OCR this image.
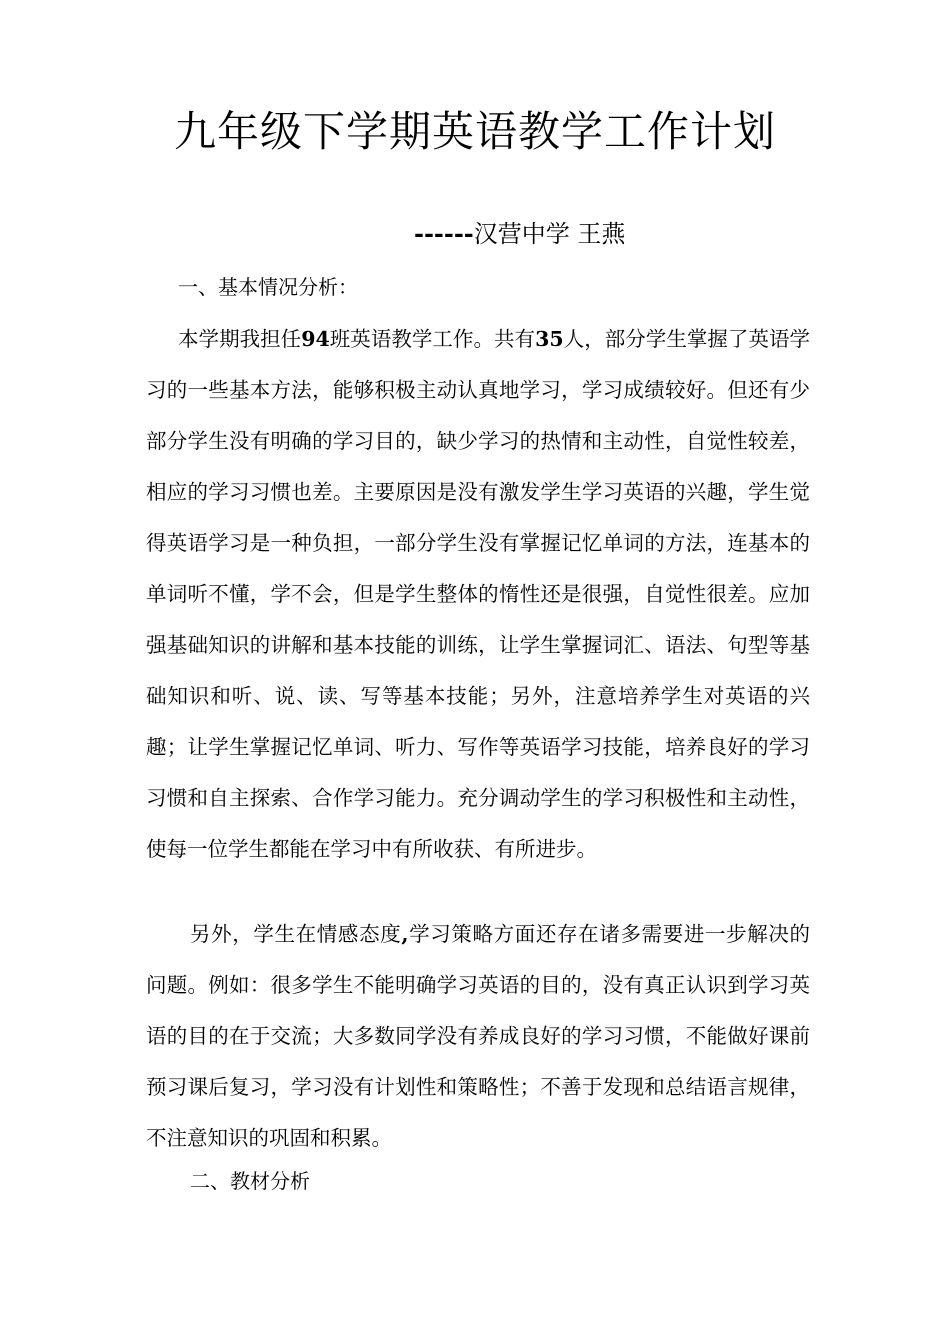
九年级下学期英语教学工作计划
------汉营中学 王燕
一、基本情况分析：
本学期我担任94班英语教学工作。共有35人，部分学生掌握了英语学习的一些基本方法，能够积极主动认真地学习，学习成绩较好。但还有少部分学生没有明确的学习目的，缺少学习的热情和主动性，自觉性较差，相应的学习习惯也差。主要原因是没有激发学生学习英语的兴趣，学生觉得英语学习是一种负担，一部分学生没有掌握记忆单词的方法，连基本的单词听不懂，学不会，但是学生整体的惰性还是很强，自觉性很差。应加强基础知识的讲解和基本技能的训练，让学生掌握词汇、语法、句型等基础知识和听、说、读、写等基本技能；另外，注意培养学生对英语的兴趣；让学生掌握记忆单词、听力、写作等英语学习技能，培养良好的学习习惯和自主探索、合作学习能力。充分调动学生的学习积极性和主动性，使每一位学生都能在学习中有所收获、有所进步。
另外，学生在情感态度,学习策略方面还存在诸多需要进一步解决的问题。例如：很多学生不能明确学习英语的目的，没有真正认识到学习英语的目的在于交流；大多数同学没有养成良好的学习习惯，不能做好课前预习课后复习，学习没有计划性和策略性；不善于发现和总结语言规律，不注意知识的巩固和积累。
二、教材分析
